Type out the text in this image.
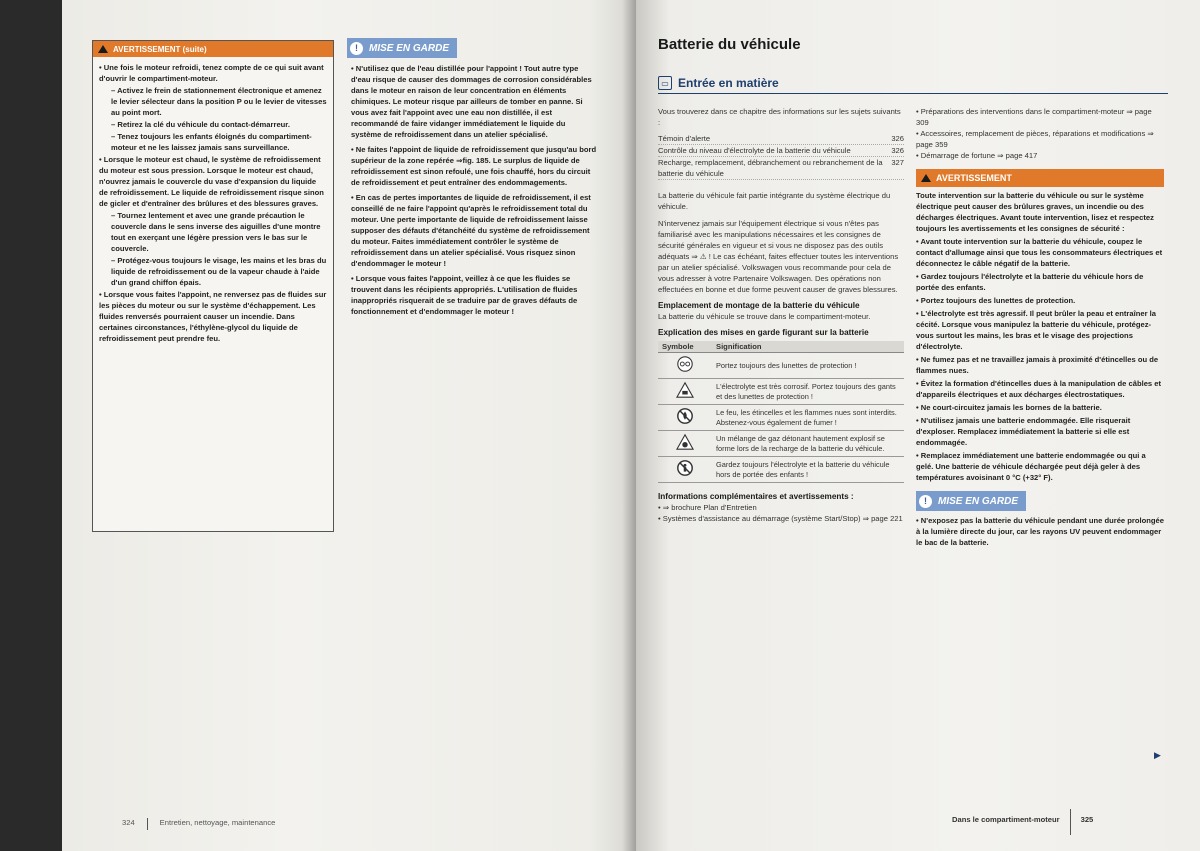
AVERTISSEMENT (suite)

• Une fois le moteur refroidi, tenez compte de ce qui suit avant d'ouvrir le compartiment-moteur.

– Activez le frein de stationnement électronique et amenez le levier sélecteur dans la position P ou le levier de vitesses au point mort.

– Retirez la clé du véhicule du contact-démarreur.

– Tenez toujours les enfants éloignés du compartiment-moteur et ne les laissez jamais sans surveillance.

• Lorsque le moteur est chaud, le système de refroidissement du moteur est sous pression. Lorsque le moteur est chaud, n'ouvrez jamais le couvercle du vase d'expansion du liquide de refroidissement. Le liquide de refroidissement risque sinon de gicler et d'entraîner des brûlures et des blessures graves.

– Tournez lentement et avec une grande précaution le couvercle dans le sens inverse des aiguilles d'une montre tout en exerçant une légère pression vers le bas sur le couvercle.

– Protégez-vous toujours le visage, les mains et les bras du liquide de refroidissement ou de la vapeur chaude à l'aide d'un grand chiffon épais.

• Lorsque vous faites l'appoint, ne renversez pas de fluides sur les pièces du moteur ou sur le système d'échappement. Les fluides renversés pourraient causer un incendie. Dans certaines circonstances, l'éthylène-glycol du liquide de refroidissement peut prendre feu.

!	MISE EN GARDE

• N'utilisez que de l'eau distillée pour l'appoint ! Tout autre type d'eau risque de causer des dommages de corrosion considérables dans le moteur en raison de leur concentration en éléments chimiques. Le moteur risque par ailleurs de tomber en panne. Si vous avez fait l'appoint avec une eau non distillée, il est recommandé de faire vidanger immédiatement le liquide du système de refroidissement dans un atelier spécialisé.

• Ne faites l'appoint de liquide de refroidissement que jusqu'au bord supérieur de la zone repérée ⇒fig. 185. Le surplus de liquide de refroidissement est sinon refoulé, une fois chauffé, hors du circuit de refroidissement et peut entraîner des endommagements.

• En cas de pertes importantes de liquide de refroidissement, il est conseillé de ne faire l'appoint qu'après le refroidissement total du moteur. Une perte importante de liquide de refroidissement laisse supposer des défauts d'étanchéité du système de refroidissement du moteur. Faites immédiatement contrôler le système de refroidissement dans un atelier spécialisé. Vous risquez sinon d'endommager le moteur !

• Lorsque vous faites l'appoint, veillez à ce que les fluides se trouvent dans les récipients appropriés. L'utilisation de fluides inappropriés risquerait de se traduire par de graves défauts de fonctionnement et d'endommager le moteur !

324	Entretien, nettoyage, maintenance
Batterie du véhicule
▭ Entrée en matière
Vous trouverez dans ce chapitre des informations sur les sujets suivants :
Témoin d'alerte	326
Contrôle du niveau d'électrolyte de la batterie du véhicule	326
Recharge, remplacement, débranchement ou rebranchement de la batterie du véhicule
327
La batterie du véhicule fait partie intégrante du système électrique du véhicule.
N'intervenez jamais sur l'équipement électrique si vous n'êtes pas familiarisé avec les manipulations nécessaires et les consignes de sécurité générales en vigueur et si vous ne disposez pas des outils adéquats ⇒ ⚠ ! Le cas échéant, faites effectuer toutes les interventions par un atelier spécialisé. Volkswagen vous recommande pour cela de vous adresser à votre Partenaire Volkswagen. Des opérations non effectuées en bonne et due forme peuvent causer de graves blessures.
Emplacement de montage de la batterie du véhicule
La batterie du véhicule se trouve dans le compartiment-moteur.
Explication des mises en garde figurant sur la batterie
Symbole	Signification

	Portez toujours des lunettes de protection !

	L'électrolyte est très corrosif. Portez toujours des gants et des lunettes de protection !

	Le feu, les étincelles et les flammes nues sont interdits. Abstenez-vous également de fumer !

	Un mélange de gaz détonant hautement explosif se forme lors de la recharge de la batterie du véhicule.

	Gardez toujours l'électrolyte et la batterie du véhicule hors de portée des enfants !
Informations complémentaires et avertissements :

• ⇒ brochure Plan d'Entretien

• Systèmes d'assistance au démarrage (système Start/Stop) ⇒ page 221

• Préparations des interventions dans le compartiment-moteur ⇒ page 309

• Accessoires, remplacement de pièces, réparations et modifications ⇒ page 359

• Démarrage de fortune ⇒ page 417

AVERTISSEMENT
Toute intervention sur la batterie du véhicule ou sur le système électrique peut causer des brûlures graves, un incendie ou des décharges électriques. Avant toute intervention, lisez et respectez toujours les avertissements et les consignes de sécurité :

• Avant toute intervention sur la batterie du véhicule, coupez le contact d'allumage ainsi que tous les consommateurs électriques et déconnectez le câble négatif de la batterie.

• Gardez toujours l'électrolyte et la batterie du véhicule hors de portée des enfants.

• Portez toujours des lunettes de protection.

• L'électrolyte est très agressif. Il peut brûler la peau et entraîner la cécité. Lorsque vous manipulez la batterie du véhicule, protégez-vous surtout les mains, les bras et le visage des projections d'électrolyte.

• Ne fumez pas et ne travaillez jamais à proximité d'étincelles ou de flammes nues.

• Évitez la formation d'étincelles dues à la manipulation de câbles et d'appareils électriques et aux décharges électrostatiques.

• Ne court-circuitez jamais les bornes de la batterie.

• N'utilisez jamais une batterie endommagée. Elle risquerait d'exploser. Remplacez immédiatement la batterie si elle est endommagée.

• Remplacez immédiatement une batterie endommagée ou qui a gelé. Une batterie de véhicule déchargée peut déjà geler à des températures avoisinant 0 °C (+32° F).

!	MISE EN GARDE
• N'exposez pas la batterie du véhicule pendant une durée prolongée à la lumière directe du jour, car les rayons UV peuvent endommager le bac de la batterie.
▶
Dans le compartiment-moteur	325
